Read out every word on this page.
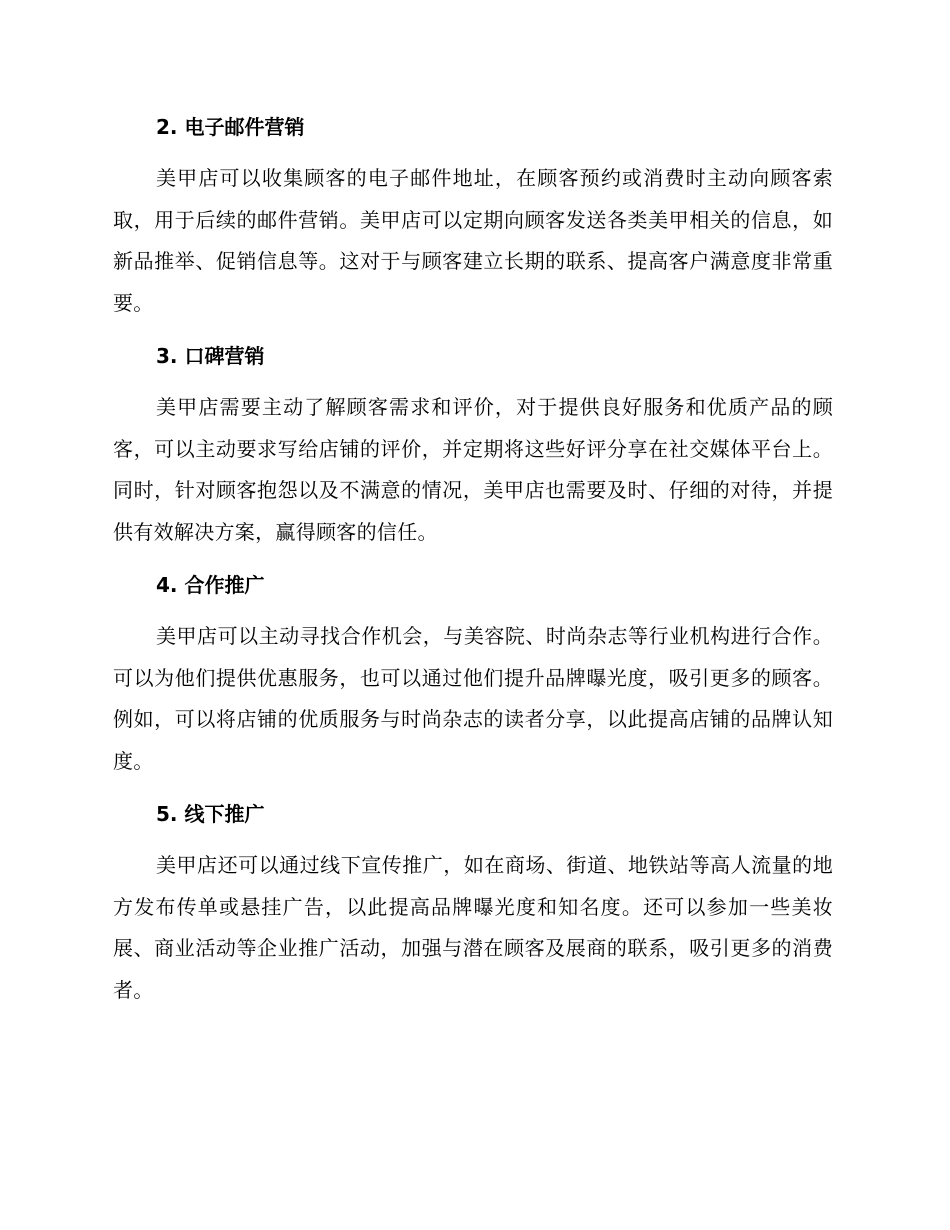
2. 电子邮件营销

美甲店可以收集顾客的电子邮件地址，在顾客预约或消费时主动向顾客索取，用于后续的邮件营销。美甲店可以定期向顾客发送各类美甲相关的信息，如新品推举、促销信息等。这对于与顾客建立长期的联系、提高客户满意度非常重要。

3. 口碑营销

美甲店需要主动了解顾客需求和评价，对于提供良好服务和优质产品的顾客，可以主动要求写给店铺的评价，并定期将这些好评分享在社交媒体平台上。同时，针对顾客抱怨以及不满意的情况，美甲店也需要及时、仔细的对待，并提供有效解决方案，赢得顾客的信任。

4. 合作推广

美甲店可以主动寻找合作机会，与美容院、时尚杂志等行业机构进行合作。可以为他们提供优惠服务，也可以通过他们提升品牌曝光度，吸引更多的顾客。例如，可以将店铺的优质服务与时尚杂志的读者分享，以此提高店铺的品牌认知度。

5. 线下推广

美甲店还可以通过线下宣传推广，如在商场、街道、地铁站等高人流量的地方发布传单或悬挂广告，以此提高品牌曝光度和知名度。还可以参加一些美妆展、商业活动等企业推广活动，加强与潜在顾客及展商的联系，吸引更多的消费者。
